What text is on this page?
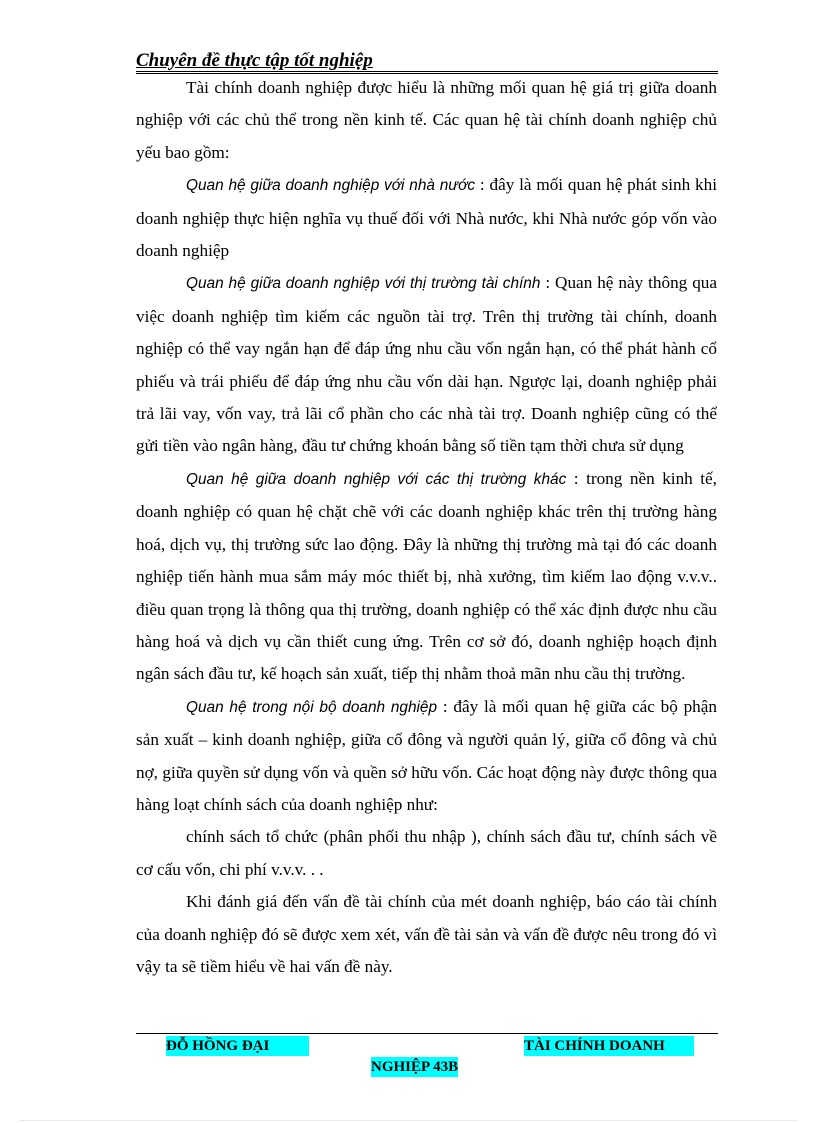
Chuyên đề thực tập tốt nghiệp

Tài chính doanh nghiệp được hiểu là những mối quan hệ giá trị giữa doanh nghiệp với các chủ thể trong nền kinh tế. Các quan hệ tài chính doanh nghiệp chủ yếu bao gồm:

Quan hệ giữa doanh nghiệp với nhà nước : đây là mối quan hệ phát sinh khi doanh nghiệp thực hiện nghĩa vụ thuế đối với Nhà nước, khi Nhà nước góp vốn vào doanh nghiệp

Quan hệ giữa doanh nghiệp với thị trường tài chính : Quan hệ này thông qua việc doanh nghiệp tìm kiếm các nguồn tài trợ. Trên thị trường tài chính, doanh nghiệp có thể vay ngắn hạn để đáp ứng nhu cầu vốn ngắn hạn, có thể phát hành cổ phiếu và trái phiếu để đáp ứng nhu cầu vốn dài hạn. Ngược lại, doanh nghiệp phải trả lãi vay, vốn vay, trả lãi cổ phần cho các nhà tài trợ. Doanh nghiệp cũng có thể gửi tiền vào ngân hàng, đầu tư chứng khoán bằng số tiền tạm thời chưa sử dụng

Quan hệ giữa doanh nghiệp với các thị trường khác : trong nền kinh tế, doanh nghiệp có quan hệ chặt chẽ với các doanh nghiệp khác trên thị trường hàng hoá, dịch vụ, thị trường sức lao động. Đây là những thị trường mà tại đó các doanh nghiệp tiến hành mua sắm máy móc thiết bị, nhà xưởng, tìm kiếm lao động v.v.v.. điều quan trọng là thông qua thị trường, doanh nghiệp có thể xác định được nhu cầu hàng hoá và dịch vụ cần thiết cung ứng. Trên cơ sở đó, doanh nghiệp hoạch định ngân sách đầu tư, kế hoạch sản xuất, tiếp thị nhằm thoả mãn nhu cầu thị trường.

Quan hệ trong nội bộ doanh nghiệp : đây là mối quan hệ giữa các bộ phận sản xuất – kinh doanh nghiệp, giữa cổ đông và người quản lý, giữa cổ đông và chủ nợ, giữa quyền sử dụng vốn và quền sở hữu vốn. Các hoạt động này được thông qua hàng loạt chính sách của doanh nghiệp như:

chính sách tổ chức (phân phối thu nhập ), chính sách đầu tư, chính sách về cơ cấu vốn, chi phí v.v.v. . .

Khi đánh giá đến vấn đề tài chính của mét doanh nghiệp, báo cáo tài chính của doanh nghiệp đó sẽ được xem xét, vấn đề tài sản và vấn đề được nêu trong đó vì vậy ta sẽ tiềm hiểu về hai vấn đề này.

ĐỖ HỒNG ĐẠI	TÀI CHÍNH DOANH
NGHIỆP 43B
